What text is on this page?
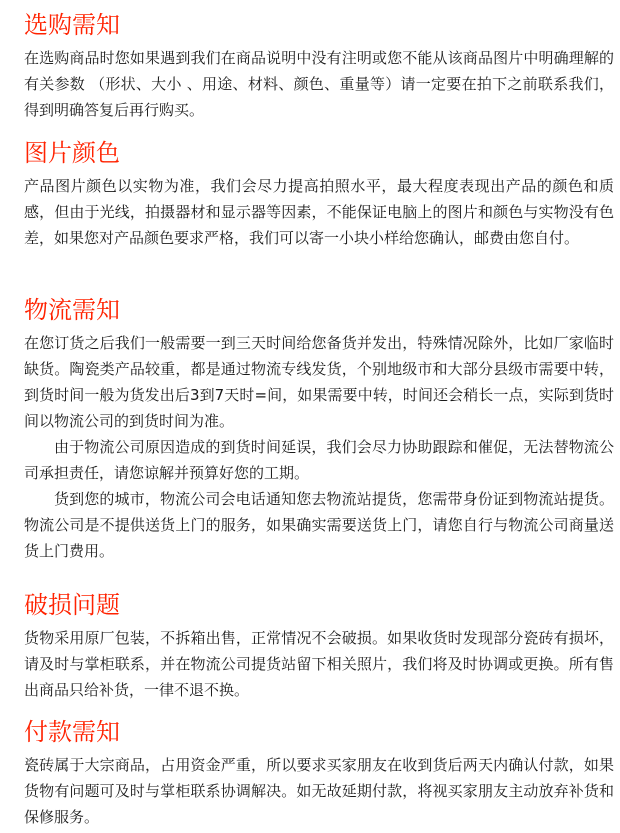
选购需知

在选购商品时您如果遇到我们在商品说明中没有注明或您不能从该商品图片中明确理解的有关参数 （形状、大小 、用途、材料、颜色、重量等）请一定要在拍下之前联系我们，得到明确答复后再行购买。

图片颜色

产品图片颜色以实物为准，我们会尽力提高拍照水平，最大程度表现出产品的颜色和质感，但由于光线，拍摄器材和显示器等因素，不能保证电脑上的图片和颜色与实物没有色差，如果您对产品颜色要求严格，我们可以寄一小块小样给您确认，邮费由您自付。

物流需知

在您订货之后我们一般需要一到三天时间给您备货并发出，特殊情况除外，比如厂家临时缺货。陶瓷类产品较重，都是通过物流专线发货，个别地级市和大部分县级市需要中转，到货时间一般为货发出后3到7天时=间，如果需要中转，时间还会稍长一点，实际到货时间以物流公司的到货时间为准。

由于物流公司原因造成的到货时间延误，我们会尽力协助跟踪和催促，无法替物流公司承担责任，请您谅解并预算好您的工期。

货到您的城市，物流公司会电话通知您去物流站提货，您需带身份证到物流站提货。物流公司是不提供送货上门的服务，如果确实需要送货上门，请您自行与物流公司商量送货上门费用。

破损问题

货物采用原厂包装，不拆箱出售，正常情况不会破损。如果收货时发现部分瓷砖有损坏，请及时与掌柜联系，并在物流公司提货站留下相关照片，我们将及时协调或更换。所有售出商品只给补货，一律不退不换。

付款需知

瓷砖属于大宗商品，占用资金严重，所以要求买家朋友在收到货后两天内确认付款，如果货物有问题可及时与掌柜联系协调解决。如无故延期付款，将视买家朋友主动放弃补货和保修服务。
